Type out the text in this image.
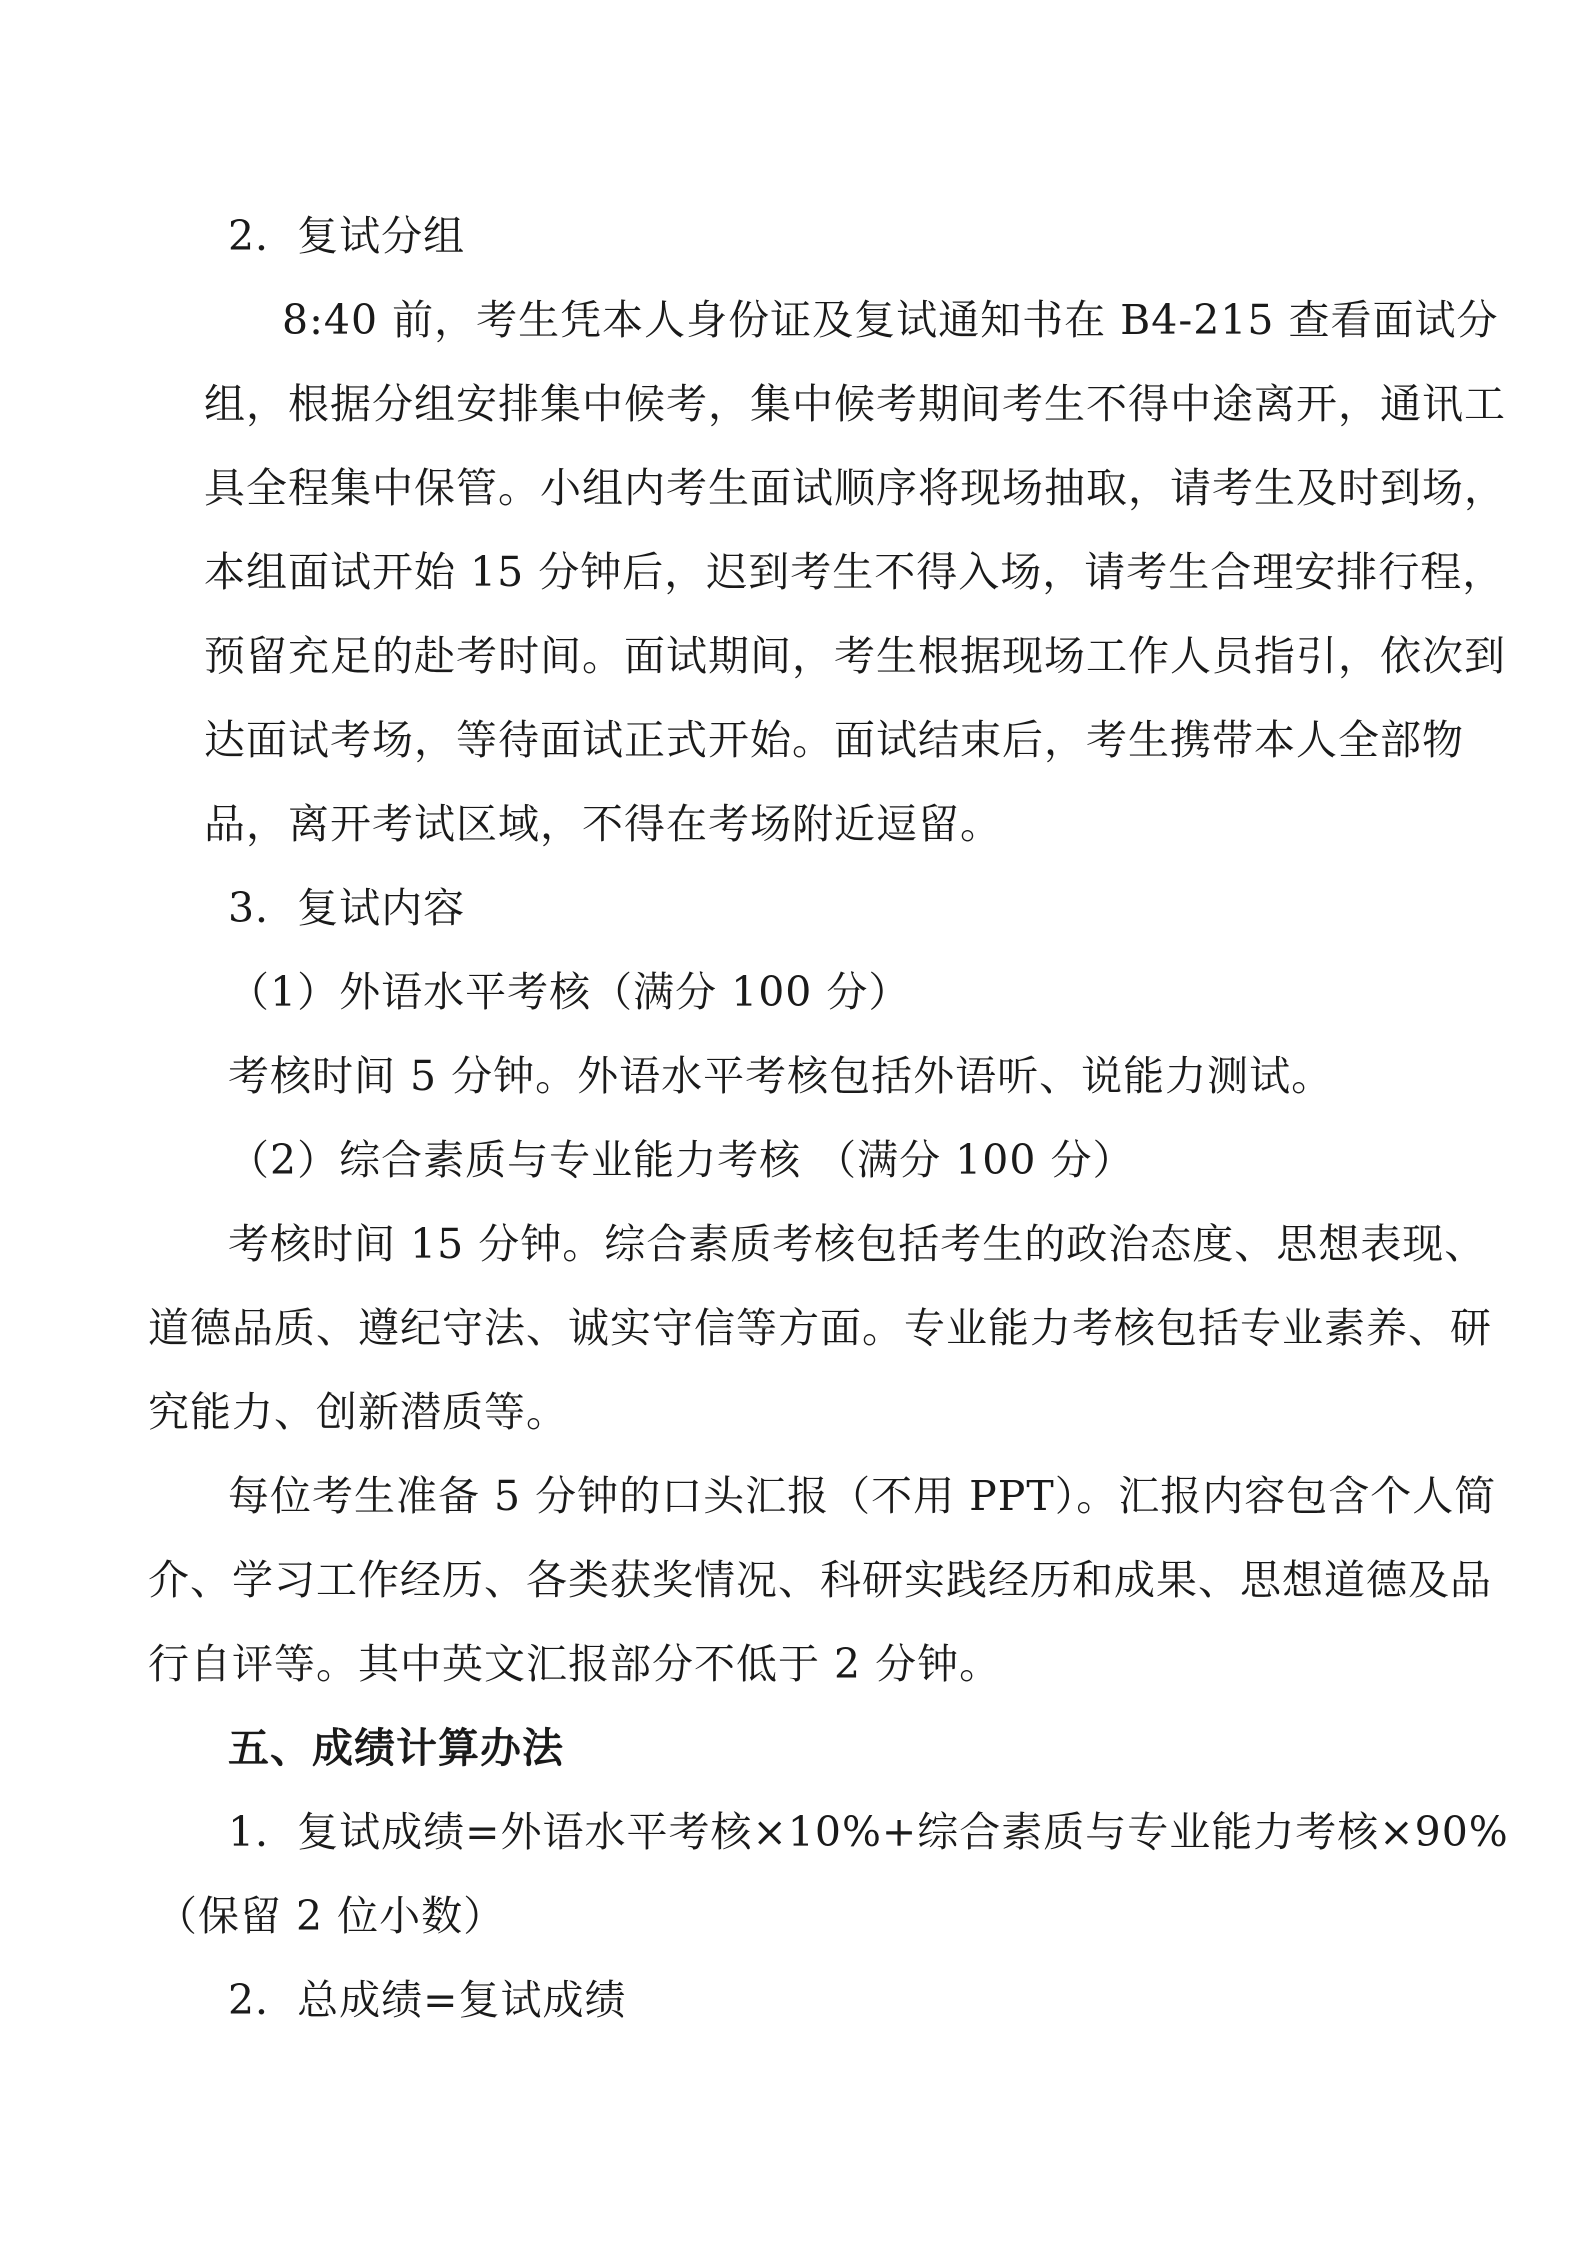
2．复试分组
8:40 前，考生凭本人身份证及复试通知书在 B4-215 查看面试分
组，根据分组安排集中候考，集中候考期间考生不得中途离开，通讯工
具全程集中保管。小组内考生面试顺序将现场抽取，请考生及时到场，
本组面试开始 15 分钟后，迟到考生不得入场，请考生合理安排行程，
预留充足的赴考时间。面试期间，考生根据现场工作人员指引，依次到
达面试考场，等待面试正式开始。面试结束后，考生携带本人全部物
品，离开考试区域，不得在考场附近逗留。
3．复试内容
（1）外语水平考核（满分 100 分）
考核时间 5 分钟。外语水平考核包括外语听、说能力测试。
（2）综合素质与专业能力考核 （满分 100 分）
考核时间 15 分钟。综合素质考核包括考生的政治态度、思想表现、
道德品质、遵纪守法、诚实守信等方面。专业能力考核包括专业素养、研
究能力、创新潜质等。
每位考生准备 5 分钟的口头汇报（不用 PPT）。汇报内容包含个人简
介、学习工作经历、各类获奖情况、科研实践经历和成果、思想道德及品
行自评等。其中英文汇报部分不低于 2 分钟。
五、成绩计算办法
1．复试成绩=外语水平考核×10%+综合素质与专业能力考核×90%
（保留 2 位小数）
2．总成绩=复试成绩
